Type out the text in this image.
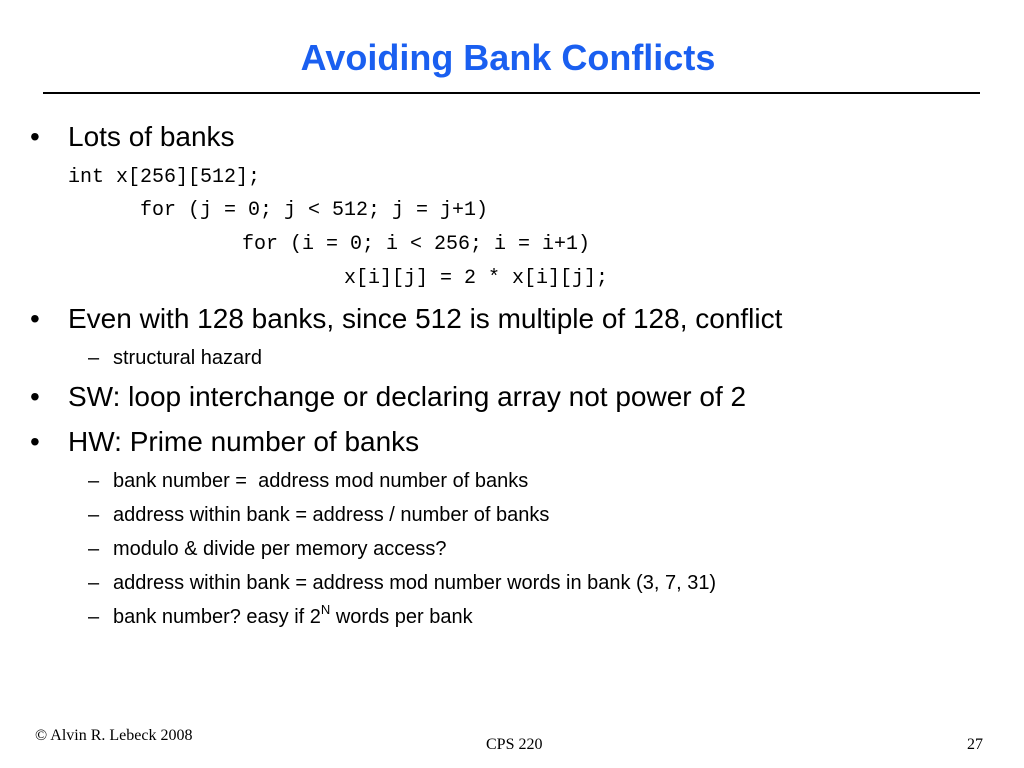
Avoiding Bank Conflicts
• Lots of banks
int x[256][512];
for (j = 0; j < 512; j = j+1)
for (i = 0; i < 256; i = i+1)
x[i][j] = 2 * x[i][j];
• Even with 128 banks, since 512 is multiple of 128, conflict
– structural hazard
• SW: loop interchange or declaring array not power of 2
• HW: Prime number of banks
– bank number =  address mod number of banks
– address within bank = address / number of banks
– modulo & divide per memory access?
– address within bank = address mod number words in bank (3, 7, 31)
– bank number? easy if $2^N$ words per bank
© Alvin R. Lebeck 2008
CPS 220	27
